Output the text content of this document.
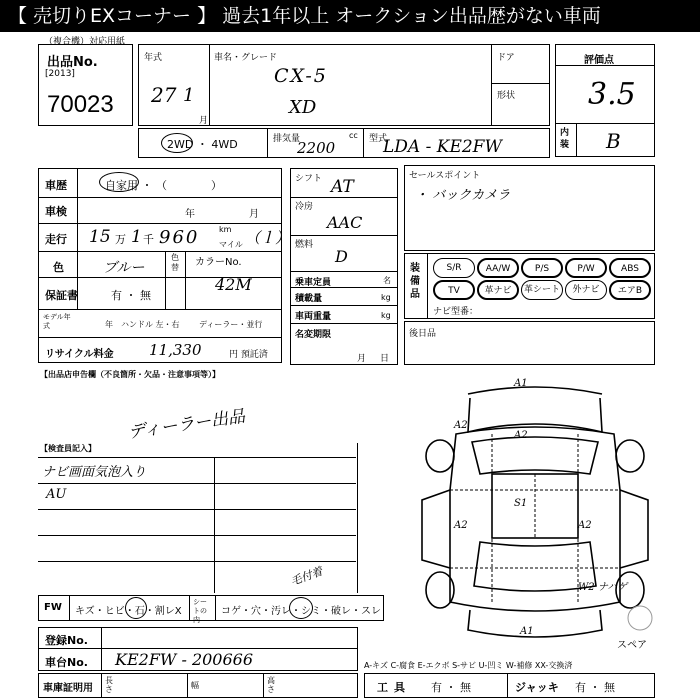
【 売切りEXコーナー 】 過去1年以上 オークション出品歴がない車両
（複合機）対応用紙
出品No.
[2013]
70023
年式
27 1
月
車名・グレード
CX-5
XD
ドア
形状
評価点
3.5
内装 B
2WD ・ 4WD	排気量	cc
2200	型式
LDA - KE2FW
車歴	自家用 ・ （　　　　）
車検	年	月
走行 15 万 1 千 960 km
マイル （ｌ）
色	ブルー
色替 カラーNo.
42M
保証書	有 ・ 無
モデル年式	年 ハンドル 左・右 ディーラー・並行
リサイクル料金 11,330	円 預託済
シフト AT
冷房
AAC
燃料
D
乗車定員	名
積載量	kg
車両重量	kg
名変期限
月日
セールスポイント
・ バックカメラ
装備品
ナビ型番：
S/R	AA/W	P/S	P/W	ABS
TV	革ナビ	革シート	外ナビ	エアB
後日品
【出品店申告欄（不良箇所・欠品・注意事項等）】
ディーラー出品
【検査員記入】
ナビ画面気泡入り
AU
FW キズ・ヒビ・石・割レX
シートの内
コゲ・穴・汚レ・シミ・破レ・スレ
毛付着
登録No.
車台No. KE2FW - 200666
車庫証明用
長さ	幅
高さ
A1
A2
A2
A2
S1
A2
W2 ナハゲ
A1
スペア
A-キズ C-腐食 E-エクボ S-サビ U-凹ミ W-補修 XX-交換済
工具 有 ・ 無	ジャッキ 有 ・ 無
